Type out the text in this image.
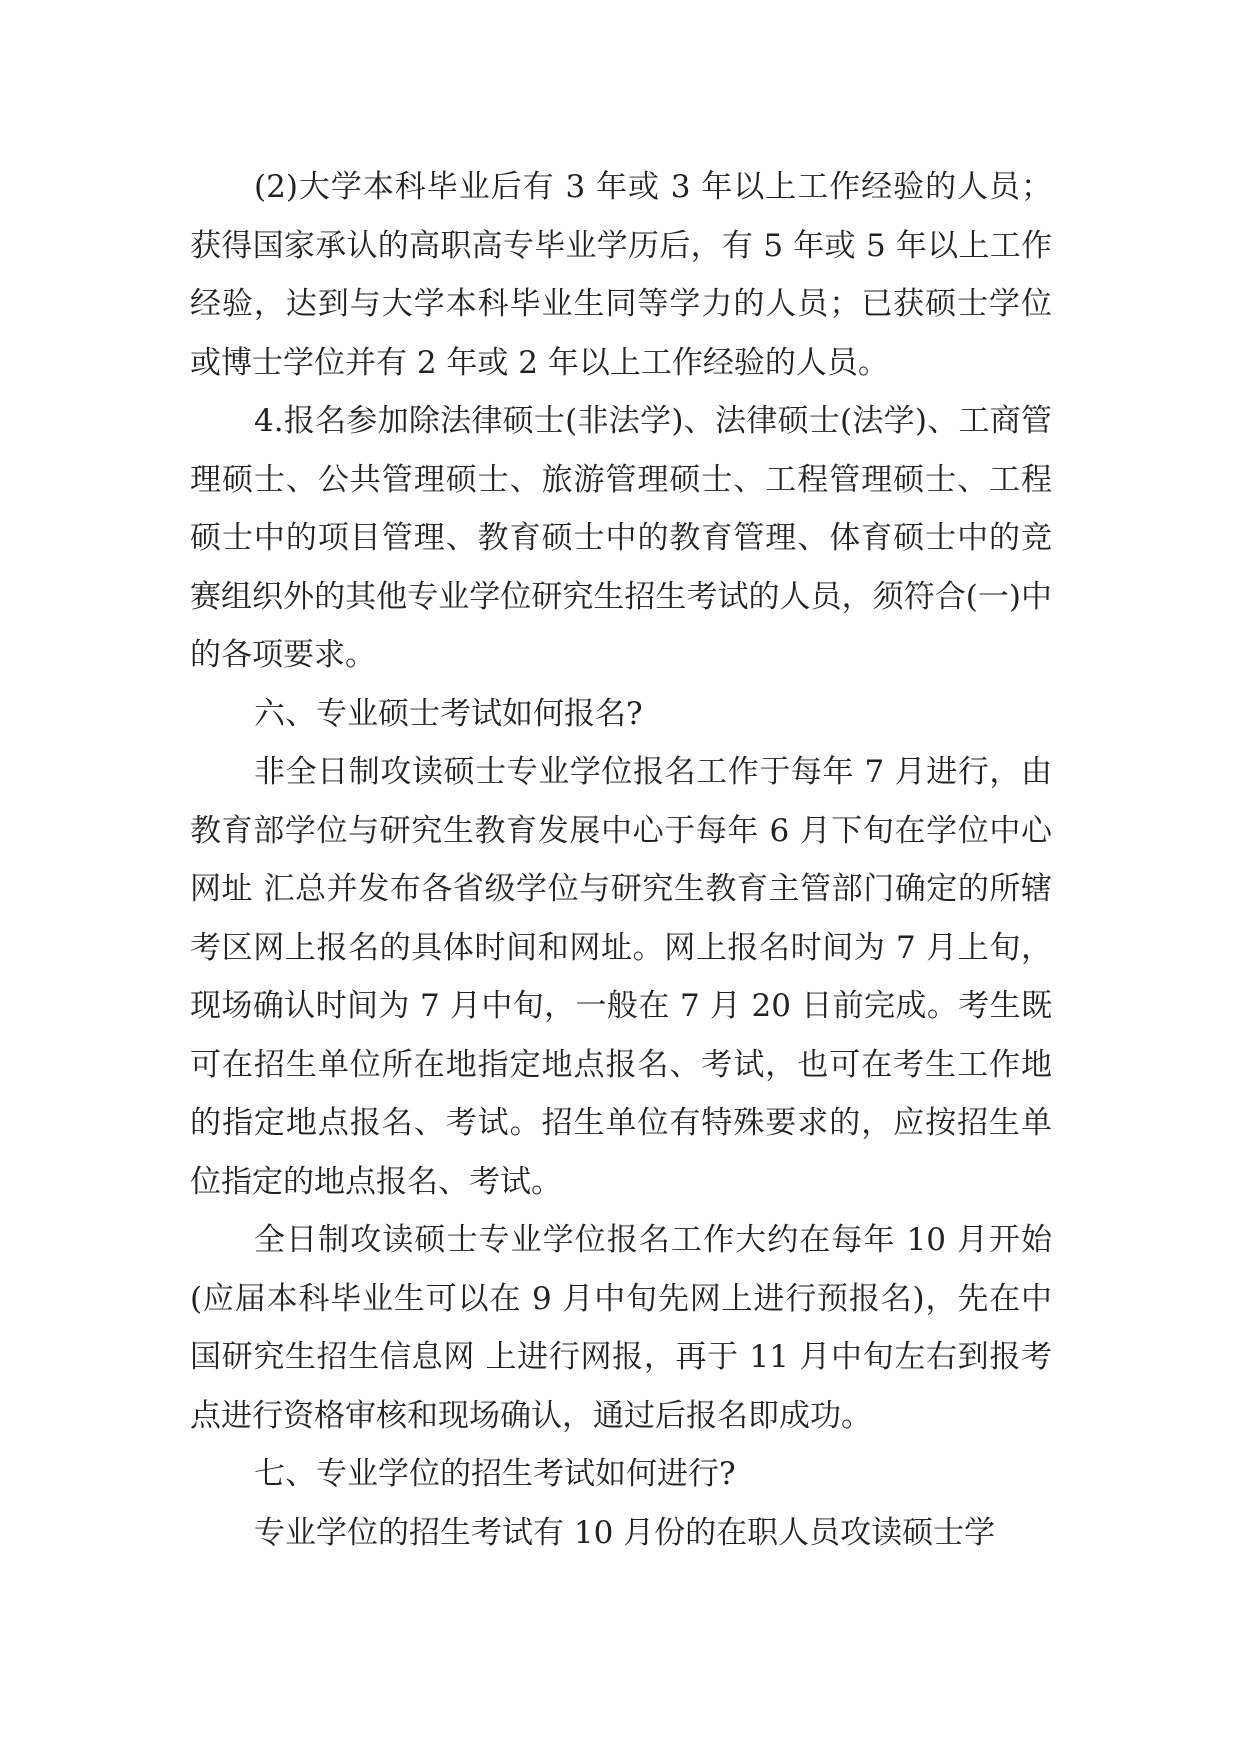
(2)大学本科毕业后有 3 年或 3 年以上工作经验的人员；获得国家承认的高职高专毕业学历后，有 5 年或 5 年以上工作经验，达到与大学本科毕业生同等学力的人员；已获硕士学位或博士学位并有 2 年或 2 年以上工作经验的人员。

4.报名参加除法律硕士(非法学)、法律硕士(法学)、工商管理硕士、公共管理硕士、旅游管理硕士、工程管理硕士、工程硕士中的项目管理、教育硕士中的教育管理、体育硕士中的竞赛组织外的其他专业学位研究生招生考试的人员，须符合(一)中的各项要求。

六、专业硕士考试如何报名?

非全日制攻读硕士专业学位报名工作于每年 7 月进行，由教育部学位与研究生教育发展中心于每年 6 月下旬在学位中心网址 汇总并发布各省级学位与研究生教育主管部门确定的所辖考区网上报名的具体时间和网址。网上报名时间为 7 月上旬，现场确认时间为 7 月中旬，一般在 7 月 20 日前完成。考生既可在招生单位所在地指定地点报名、考试，也可在考生工作地的指定地点报名、考试。招生单位有特殊要求的，应按招生单位指定的地点报名、考试。

全日制攻读硕士专业学位报名工作大约在每年 10 月开始(应届本科毕业生可以在 9 月中旬先网上进行预报名)，先在中国研究生招生信息网 上进行网报，再于 11 月中旬左右到报考点进行资格审核和现场确认，通过后报名即成功。

七、专业学位的招生考试如何进行?

专业学位的招生考试有 10 月份的在职人员攻读硕士学
